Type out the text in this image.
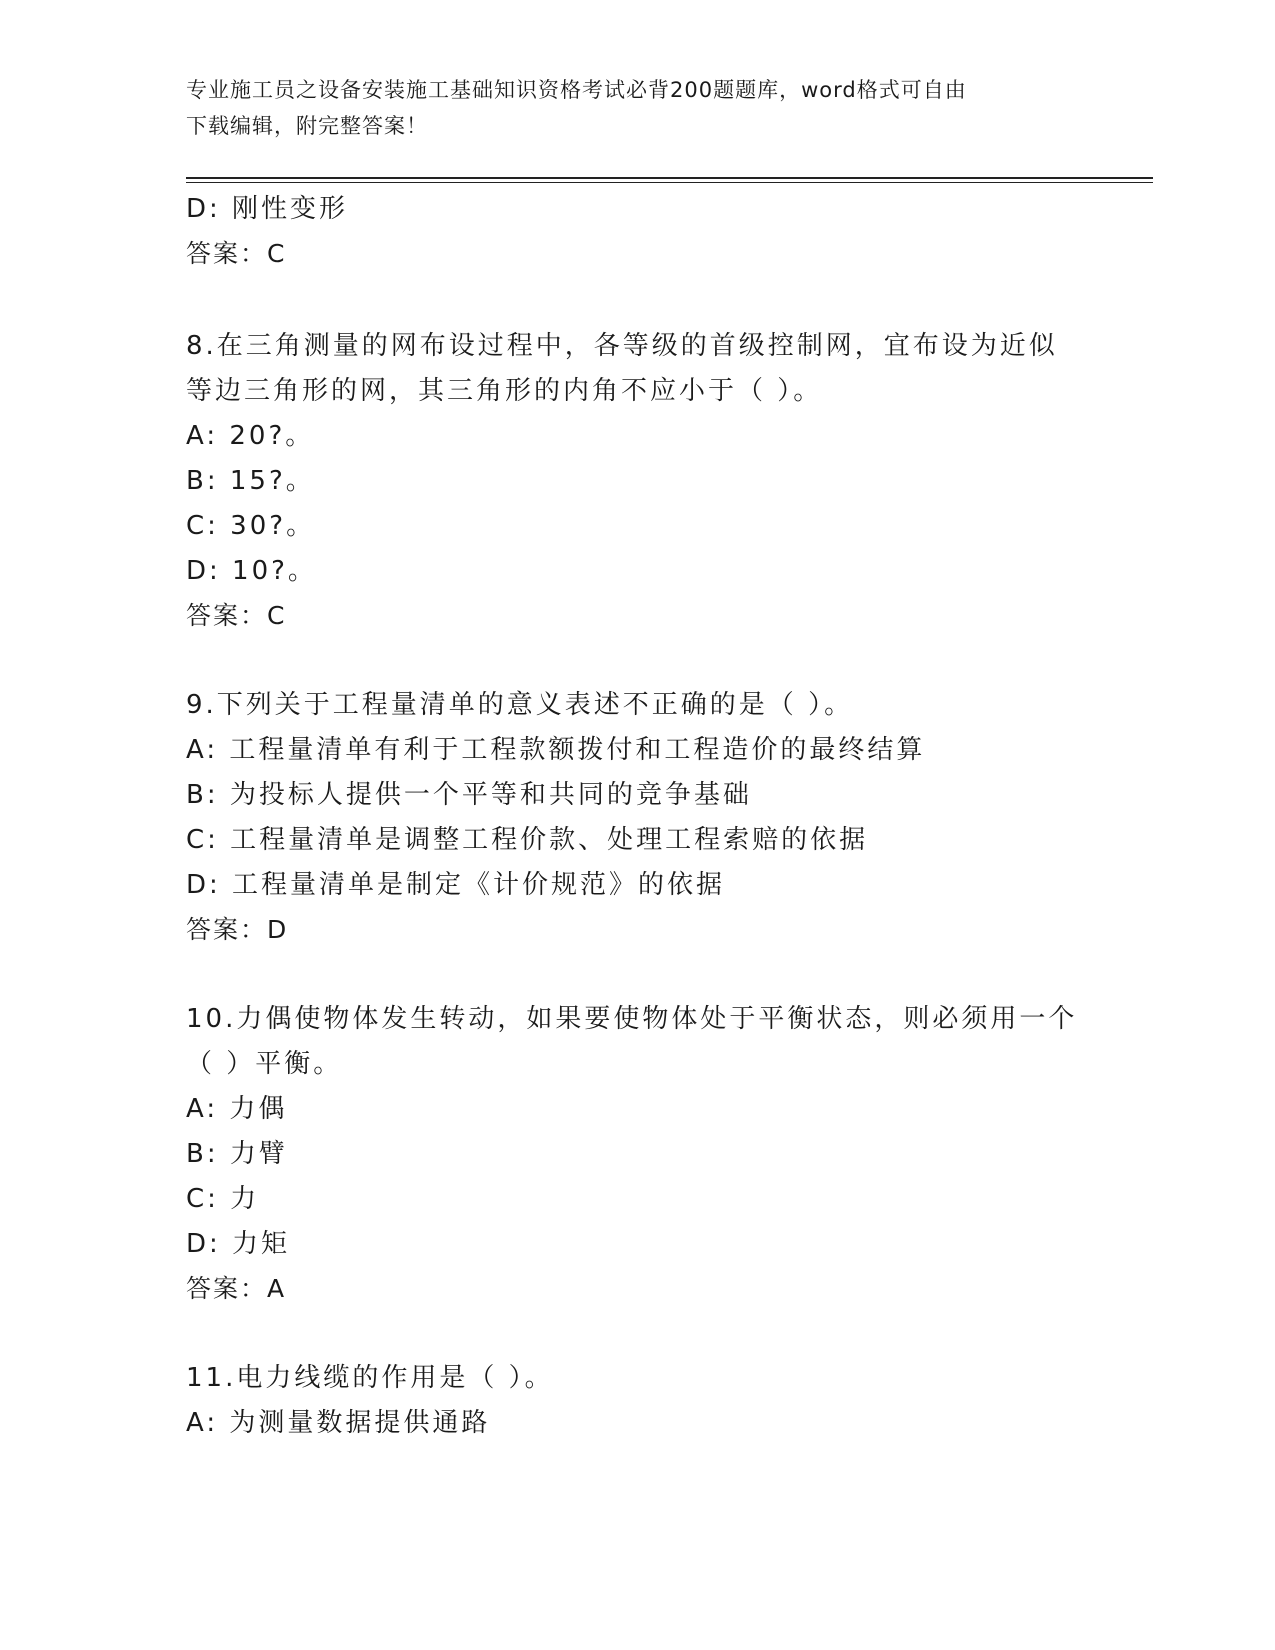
专业施工员之设备安装施工基础知识资格考试必背200题题库，word格式可自由
下载编辑，附完整答案！
D: 刚性变形
答案：C
8.在三角测量的网布设过程中，各等级的首级控制网，宜布设为近似
等边三角形的网，其三角形的内角不应小于（ ）。
A: 20?。
B: 15?。
C: 30?。
D: 10?。
答案：C
9.下列关于工程量清单的意义表述不正确的是（ ）。
A: 工程量清单有利于工程款额拨付和工程造价的最终结算
B: 为投标人提供一个平等和共同的竞争基础
C: 工程量清单是调整工程价款、处理工程索赔的依据
D: 工程量清单是制定《计价规范》的依据
答案：D
10.力偶使物体发生转动，如果要使物体处于平衡状态，则必须用一个
（ ）平衡。
A: 力偶
B: 力臂
C: 力
D: 力矩
答案：A
11.电力线缆的作用是（ ）。
A: 为测量数据提供通路
